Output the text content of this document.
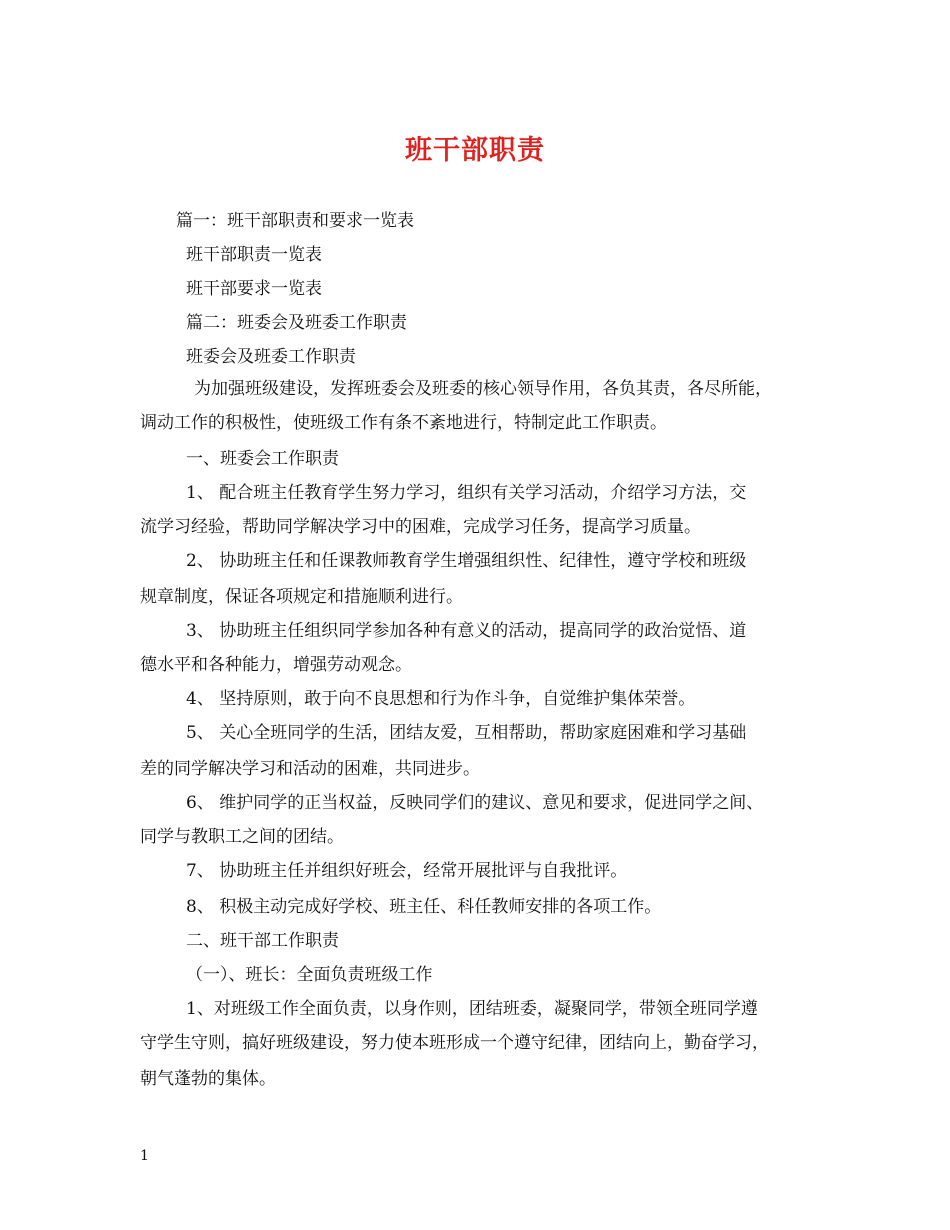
班干部职责
篇一：班干部职责和要求一览表
班干部职责一览表
班干部要求一览表
篇二：班委会及班委工作职责
班委会及班委工作职责
为加强班级建设，发挥班委会及班委的核心领导作用，各负其责，各尽所能，
调动工作的积极性，使班级工作有条不紊地进行，特制定此工作职责。
一、班委会工作职责
1、 配合班主任教育学生努力学习，组织有关学习活动，介绍学习方法，交
流学习经验，帮助同学解决学习中的困难，完成学习任务，提高学习质量。
2、 协助班主任和任课教师教育学生增强组织性、纪律性，遵守学校和班级
规章制度，保证各项规定和措施顺利进行。
3、 协助班主任组织同学参加各种有意义的活动，提高同学的政治觉悟、道
德水平和各种能力，增强劳动观念。
4、 坚持原则，敢于向不良思想和行为作斗争，自觉维护集体荣誉。
5、 关心全班同学的生活，团结友爱，互相帮助，帮助家庭困难和学习基础
差的同学解决学习和活动的困难，共同进步。
6、 维护同学的正当权益，反映同学们的建议、意见和要求，促进同学之间、
同学与教职工之间的团结。
7、 协助班主任并组织好班会，经常开展批评与自我批评。
8、 积极主动完成好学校、班主任、科任教师安排的各项工作。
二、班干部工作职责
（一）、班长：全面负责班级工作
1、对班级工作全面负责，以身作则，团结班委，凝聚同学，带领全班同学遵
守学生守则，搞好班级建设，努力使本班形成一个遵守纪律，团结向上，勤奋学习，
朝气蓬勃的集体。
1
